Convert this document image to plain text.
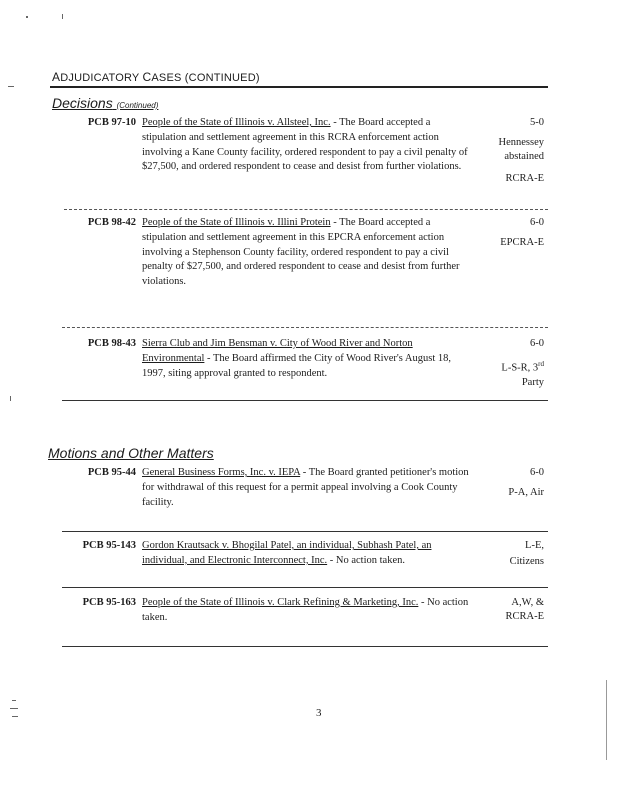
ADJUDICATORY CASES (CONTINUED)
Decisions (Continued)
PCB 97-10 People of the State of Illinois v. Allsteel, Inc. - The Board accepted a stipulation and settlement agreement in this RCRA enforcement action involving a Kane County facility, ordered respondent to pay a civil penalty of $27,500, and ordered respondent to cease and desist from further violations.
5-0
Hennessey
abstained
RCRA-E
PCB 98-42 People of the State of Illinois v. Illini Protein - The Board accepted a stipulation and settlement agreement in this EPCRA enforcement action involving a Stephenson County facility, ordered respondent to pay a civil penalty of $27,500, and ordered respondent to cease and desist from further violations.
6-0
EPCRA-E
PCB 98-43 Sierra Club and Jim Bensman v. City of Wood River and Norton Environmental - The Board affirmed the City of Wood River's August 18, 1997, siting approval granted to respondent.
6-0
L-S-R, 3rd
Party
Motions and Other Matters
PCB 95-44 General Business Forms, Inc. v. IEPA - The Board granted petitioner's motion for withdrawal of this request for a permit appeal involving a Cook County facility.
6-0
P-A, Air
PCB 95-143 Gordon Krautsack v. Bhogilal Patel, an individual, Subhash Patel, an individual, and Electronic Interconnect, Inc. - No action taken.
L-E,
Citizens
PCB 95-163 People of the State of Illinois v. Clark Refining & Marketing, Inc. - No action taken.
A,W, &
RCRA-E
3
